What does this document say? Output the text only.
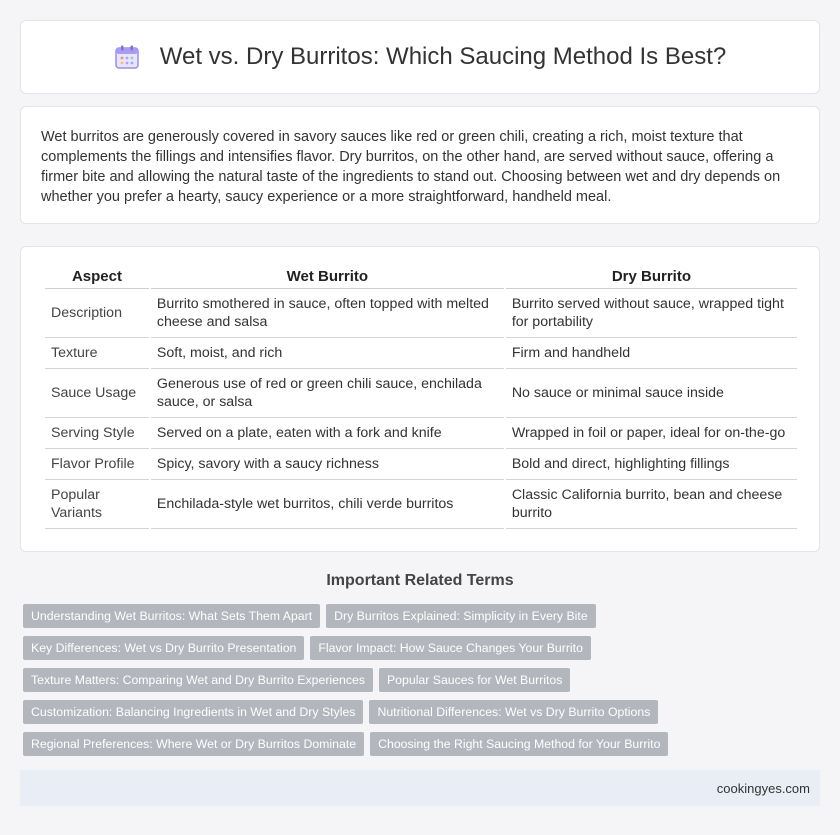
Wet vs. Dry Burritos: Which Saucing Method Is Best?

Wet burritos are generously covered in savory sauces like red or green chili, creating a rich, moist texture that complements the fillings and intensifies flavor. Dry burritos, on the other hand, are served without sauce, offering a firmer bite and allowing the natural taste of the ingredients to stand out. Choosing between wet and dry depends on whether you prefer a hearty, saucy experience or a more straightforward, handheld meal.

Aspect	Wet Burrito	Dry Burrito
Description	Burrito smothered in sauce, often topped with melted cheese and salsa	Burrito served without sauce, wrapped tight for portability
Texture	Soft, moist, and rich	Firm and handheld
Sauce Usage	Generous use of red or green chili sauce, enchilada sauce, or salsa	No sauce or minimal sauce inside
Serving Style	Served on a plate, eaten with a fork and knife	Wrapped in foil or paper, ideal for on-the-go
Flavor Profile	Spicy, savory with a saucy richness	Bold and direct, highlighting fillings
Popular Variants	Enchilada-style wet burritos, chili verde burritos	Classic California burrito, bean and cheese burrito
Important Related Terms
Understanding Wet Burritos: What Sets Them Apart	Dry Burritos Explained: Simplicity in Every Bite
Key Differences: Wet vs Dry Burrito Presentation	Flavor Impact: How Sauce Changes Your Burrito
Texture Matters: Comparing Wet and Dry Burrito Experiences	Popular Sauces for Wet Burritos
Customization: Balancing Ingredients in Wet and Dry Styles	Nutritional Differences: Wet vs Dry Burrito Options
Regional Preferences: Where Wet or Dry Burritos Dominate	Choosing the Right Saucing Method for Your Burrito
cookingyes.com
